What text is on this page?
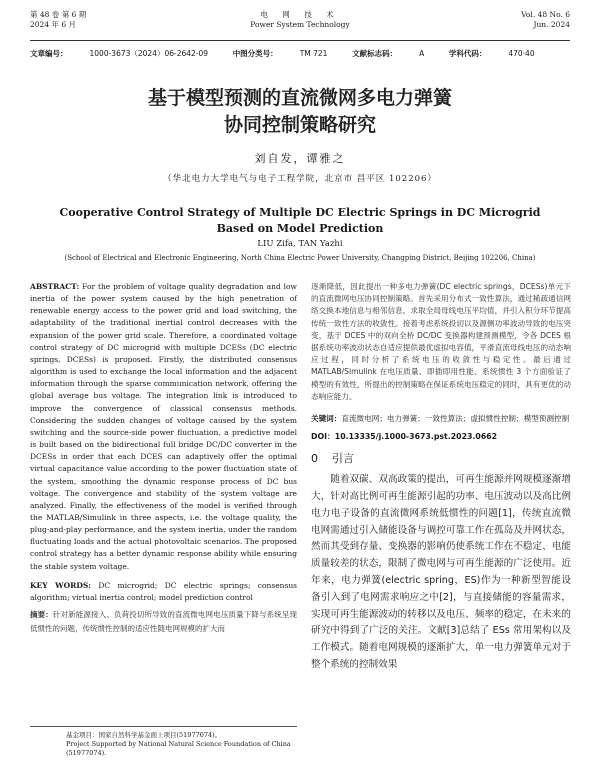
第 48 卷 第 6 期
2024 年 6 月
电 网 技 术
Power System Technology
Vol. 48 No. 6
Jun. 2024
文章编号：	1000-3673（2024）06-2642-09	中图分类号：	TM 721	文献标志码：	A	学科代码：	470·40
基于模型预测的直流微网多电力弹簧
协同控制策略研究
刘自发，谭雅之
（华北电力大学电气与电子工程学院，北京市 昌平区 102206）
Cooperative Control Strategy of Multiple DC Electric Springs in DC Microgrid
Based on Model Prediction
LIU Zifa, TAN Yazhi
(School of Electrical and Electronic Engineering, North China Electric Power University, Changping District, Beijing 102206, China)

ABSTRACT: For the problem of voltage quality degradation and low inertia of the power system caused by the high penetration of renewable energy access to the power grid and load switching, the adaptability of the traditional inertial control decreases with the expansion of the power grid scale. Therefore, a coordinated voltage control strategy of DC microgrid with multiple DCESs (DC electric springs, DCESs) is proposed. Firstly, the distributed consensus algorithm is used to exchange the local information and the adjacent information through the sparse communication network, offering the global average bus voltage. The integration link is introduced to improve the convergence of classical consensus methods. Considering the sudden changes of voltage caused by the system switching and the source-side power fluctuation, a predictive model is built based on the bidirectional full bridge DC/DC converter in the DCESs in order that each DCES can adaptively offer the optimal virtual capacitance value according to the power fluctuation state of the system, smoothing the dynamic response process of DC bus voltage. The convergence and stability of the system voltage are analyzed. Finally, the effectiveness of the model is verified through the MATLAB/Simulink in three aspects, i.e. the voltage quality, the plug-and-play performance, and the system inertia, under the random fluctuating loads and the actual photovoltaic scenarios. The proposed control strategy has a better dynamic response ability while ensuring the stable system voltage.

KEY WORDS: DC microgrid; DC electric springs; consensus algorithm; virtual inertia control; model prediction control
摘要：针对新能源接入、负荷投切所导致的直流微电网电压质量下降与系统呈现低惯性的问题，传统惯性控制的适应性随电网规模的扩大而
基金项目：国家自然科学基金面上项目(51977074)。
Project Supported by National Natural Science Foundation of China (51977074).

逐渐降低，因此提出一种多电力弹簧(DC electric springs，DCESs)单元下的直流微网电压协同控制策略。首先采用分布式一致性算法，通过稀疏通信网络交换本地信息与相邻信息，求取全局母线电压平均值，并引入积分环节提高传统一致性方法的收敛性。接着考虑系统投切以及源侧功率波动导致的电压突变，基于 DCES 中的双向全桥 DC/DC 变换器构建预测模型，令各 DCES 根据系统功率波动状态自适应提供最优虚拟电容值，平滑直流母线电压的动态响应过程，同时分析了系统电压的收敛性与稳定性。最后通过 MATLAB/Simulink 在电压质量、即插即用性能、系统惯性 3 个方面验证了模型的有效性，所提出的控制策略在保证系统电压稳定的同时，具有更优的动态响应能力。

关键词：直流微电网；电力弹簧；一致性算法；虚拟惯性控制；模型预测控制
DOI：10.13335/j.1000-3673.pst.2023.0662
0 引言

随着双碳、双高政策的提出，可再生能源并网规模逐渐增大，针对高比例可再生能源引起的功率、电压波动以及高比例电力电子设备的直流微网系统低惯性的问题[1]，传统直流微电网需通过引入储能设备与调控可靠工作在孤岛及并网状态，然而其受到存量、变换器的影响仍使系统工作在不稳定、电能质量较差的状态，限制了微电网与可再生能源的广泛使用。近年来，电力弹簧(electric spring，ES)作为一种新型智能设备引入到了电网需求响应之中[2]，与直接储能的容量需求，实现可再生能源波动的转移以及电压、频率的稳定，在未来的研究中得到了广泛的关注。文献[3]总结了 ESs 常用架构以及工作模式。随着电网规模的逐渐扩大，单一电力弹簧单元对于整个系统的控制效果
